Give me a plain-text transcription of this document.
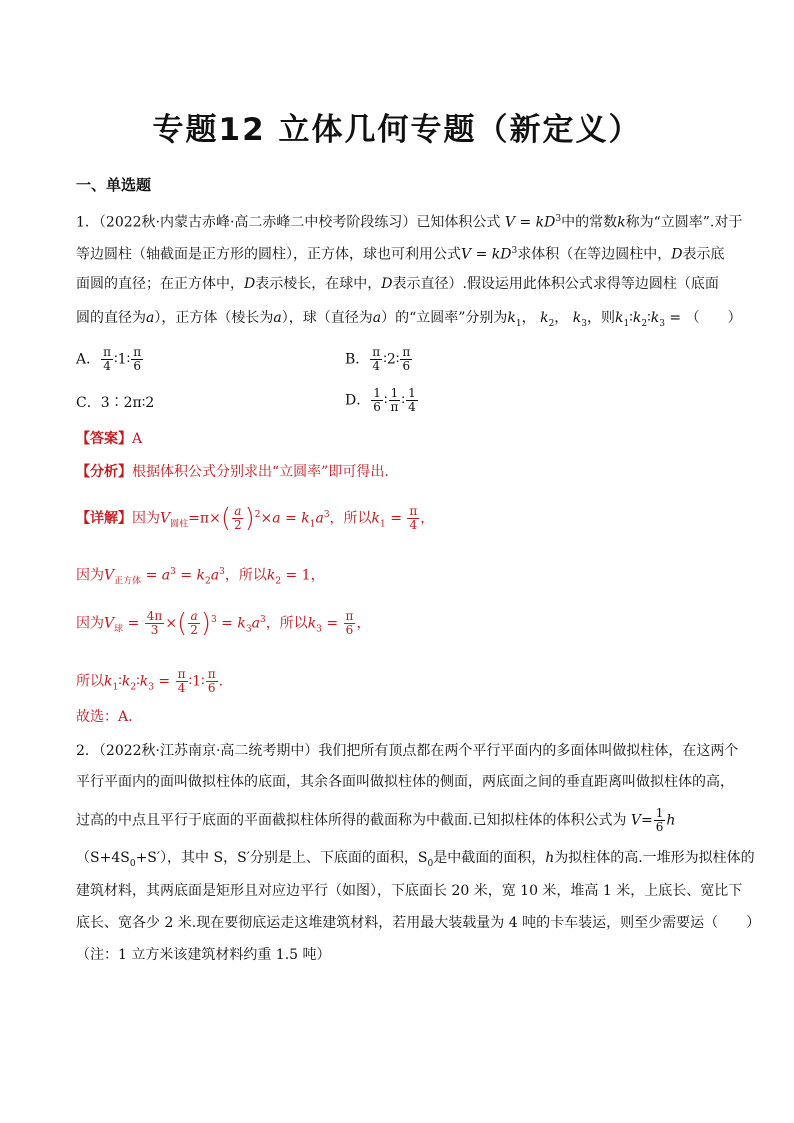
专题12 立体几何专题（新定义）
一、单选题
1．（2022秋·内蒙古赤峰·高二赤峰二中校考阶段练习）已知体积公式 $V = kD^3$中的常数k称为“立圆率”.对于
等边圆柱（轴截面是正方形的圆柱），正方体，球也可利用公式$V = kD^3$求体积（在等边圆柱中，D表示底
面圆的直径；在正方体中，D表示棱长，在球中，D表示直径）.假设运用此体积公式求得等边圆柱（底面
圆的直径为a），正方体（棱长为a），球（直径为a）的“立圆率”分别为$k_1$， $k_2$， $k_3$，则$k_1∶k_2∶k_3$ = （　　）
A． $\frac{\pi}{4}$ ∶1∶ $\frac{\pi}{6}$	B． $\frac{\pi}{4}$ ∶2∶ $\frac{\pi}{6}$
C．3∶2π∶2	D． $\frac{1}{6}$ ∶ $\frac{1}{\pi}$ ∶ $\frac{1}{4}$
【答案】A
【分析】根据体积公式分别求出“立圆率”即可得出.
【详解】因为$V_{圆柱}=\pi\times( \frac{a}{2} )^2\times a = k_1a^3$，所以$k_1 = \frac{\pi}{4}$ ，
因为$V_{正方体} = a^3 = k_2a^3$，所以$k_2 = 1$，
因为$V_球 = \frac{4\pi}{3}$ ×( $\frac{a}{2} )^3 = k_3a^3$，所以$k_3 = \frac{\pi}{6}$ ，
所以$k_1∶k_2∶k_3 = \frac{\pi}{4}$ ∶1∶ $\frac{\pi}{6}$ .
故选：A.
2．（2022秋·江苏南京·高二统考期中）我们把所有顶点都在两个平行平面内的多面体叫做拟柱体，在这两个
平行平面内的面叫做拟柱体的底面，其余各面叫做拟柱体的侧面，两底面之间的垂直距离叫做拟柱体的高，
过高的中点且平行于底面的平面截拟柱体所得的截面称为中截面.已知拟柱体的体积公式为 $V= \frac{1}{6}$ h
$(S+4S_0+S')$，其中 S，S′分别是上、下底面的面积，$S_0$是中截面的面积，h为拟柱体的高.一堆形为拟柱体的
建筑材料，其两底面是矩形且对应边平行（如图），下底面长 20 米，宽 10 米，堆高 1 米，上底长、宽比下
底长、宽各少 2 米.现在要彻底运走这堆建筑材料，若用最大装载量为 4 吨的卡车装运，则至少需要运（　　）
（注：1 立方米该建筑材料约重 1.5 吨）
